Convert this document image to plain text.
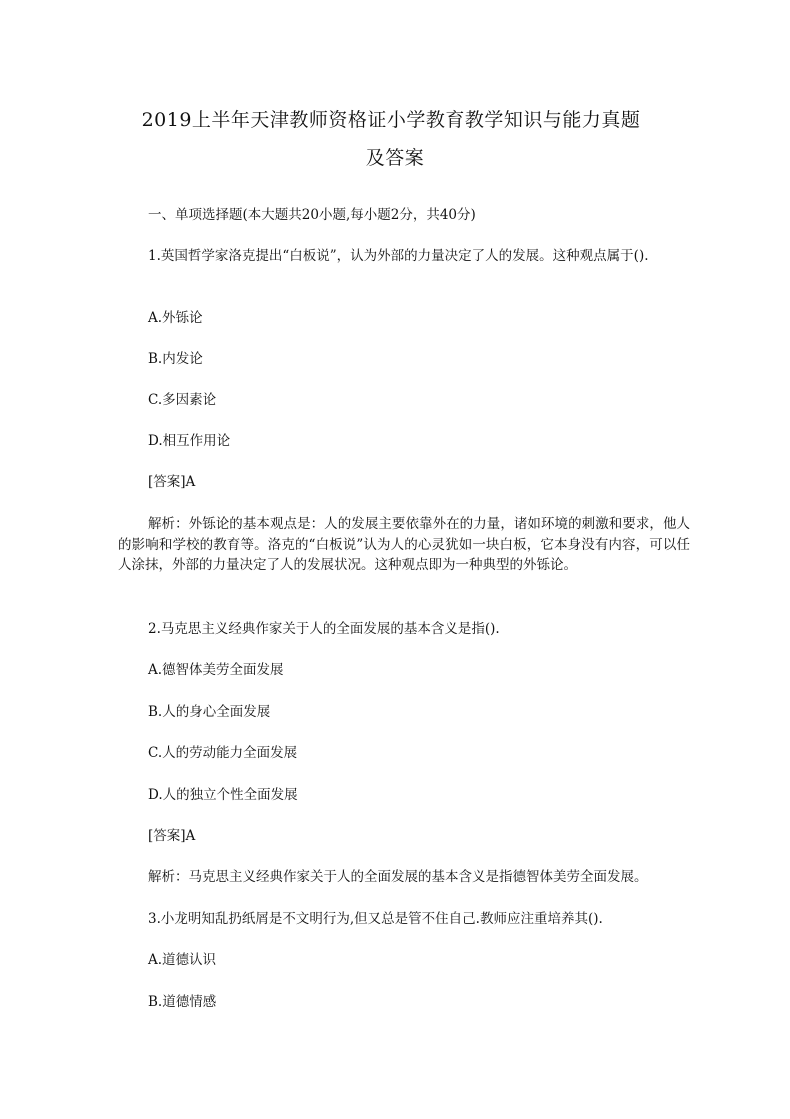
2019上半年天津教师资格证小学教育教学知识与能力真题
及答案
一、单项选择题(本大题共20小题,每小题2分，共40分)
1.英国哲学家洛克提出“白板说”，认为外部的力量决定了人的发展。这种观点属于().
A.外铄论
B.内发论
C.多因素论
D.相互作用论
[答案]A

解析：外铄论的基本观点是：人的发展主要依靠外在的力量，诸如环境的刺激和要求，他人的影响和学校的教育等。洛克的“白板说”认为人的心灵犹如一块白板，它本身没有内容，可以任人涂抹，外部的力量决定了人的发展状况。这种观点即为一种典型的外铄论。

2.马克思主义经典作家关于人的全面发展的基本含义是指().
A.德智体美劳全面发展
B.人的身心全面发展
C.人的劳动能力全面发展
D.人的独立个性全面发展
[答案]A
解析：马克思主义经典作家关于人的全面发展的基本含义是指德智体美劳全面发展。
3.小龙明知乱扔纸屑是不文明行为,但又总是管不住自己.教师应注重培养其().
A.道德认识
B.道德情感
